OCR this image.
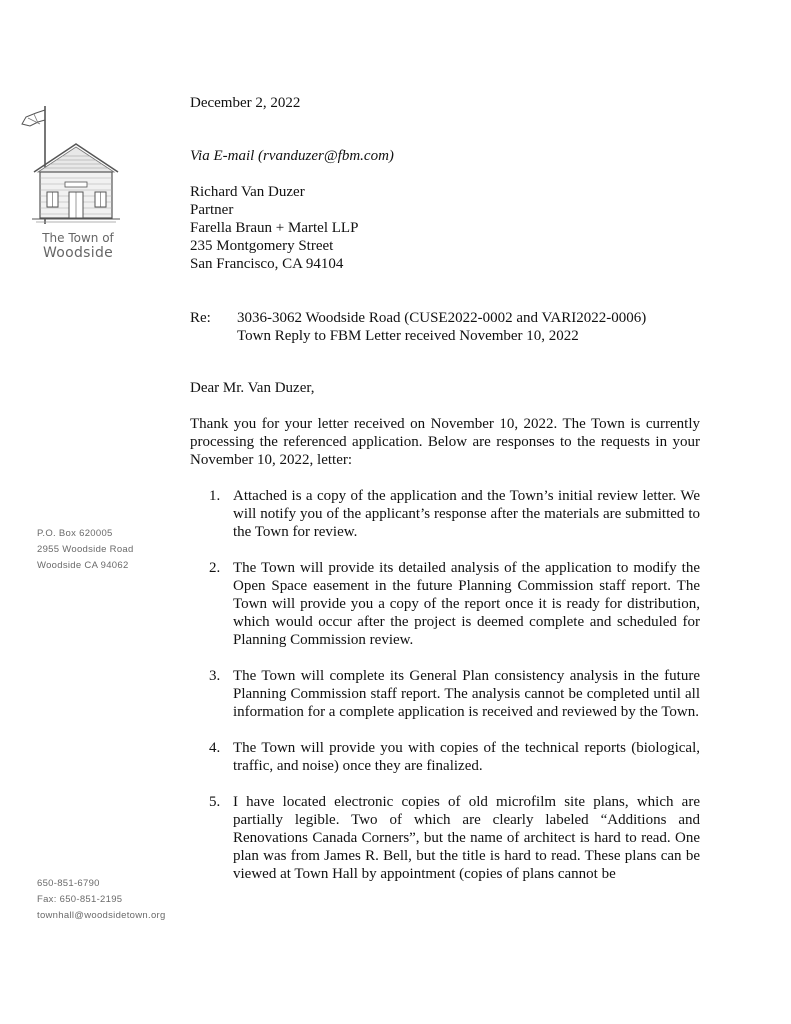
The Town of
Woodside
P.O. Box 620005
2955 Woodside Road
Woodside CA 94062
650-851-6790
Fax: 650-851-2195
townhall@woodsidetown.org
December 2, 2022
Via E-mail (rvanduzer@fbm.com)
Richard Van Duzer
Partner
Farella Braun + Martel LLP
235 Montgomery Street
San Francisco, CA 94104
Re:	3036-3062 Woodside Road (CUSE2022-0002 and VARI2022-0006)
Town Reply to FBM Letter received November 10, 2022
Dear Mr. Van Duzer,
Thank you for your letter received on November 10, 2022. The Town is currently processing the referenced application. Below are responses to the requests in your November 10, 2022, letter:
1. Attached is a copy of the application and the Town’s initial review letter. We will notify you of the applicant’s response after the materials are submitted to the Town for review.
2. The Town will provide its detailed analysis of the application to modify the Open Space easement in the future Planning Commission staff report. The Town will provide you a copy of the report once it is ready for distribution, which would occur after the project is deemed complete and scheduled for Planning Commission review.
3. The Town will complete its General Plan consistency analysis in the future Planning Commission staff report. The analysis cannot be completed until all information for a complete application is received and reviewed by the Town.
4. The Town will provide you with copies of the technical reports (biological, traffic, and noise) once they are finalized.
5. I have located electronic copies of old microfilm site plans, which are partially legible. Two of which are clearly labeled “Additions and Renovations Canada Corners”, but the name of architect is hard to read. One plan was from James R. Bell, but the title is hard to read. These plans can be viewed at Town Hall by appointment (copies of plans cannot be
